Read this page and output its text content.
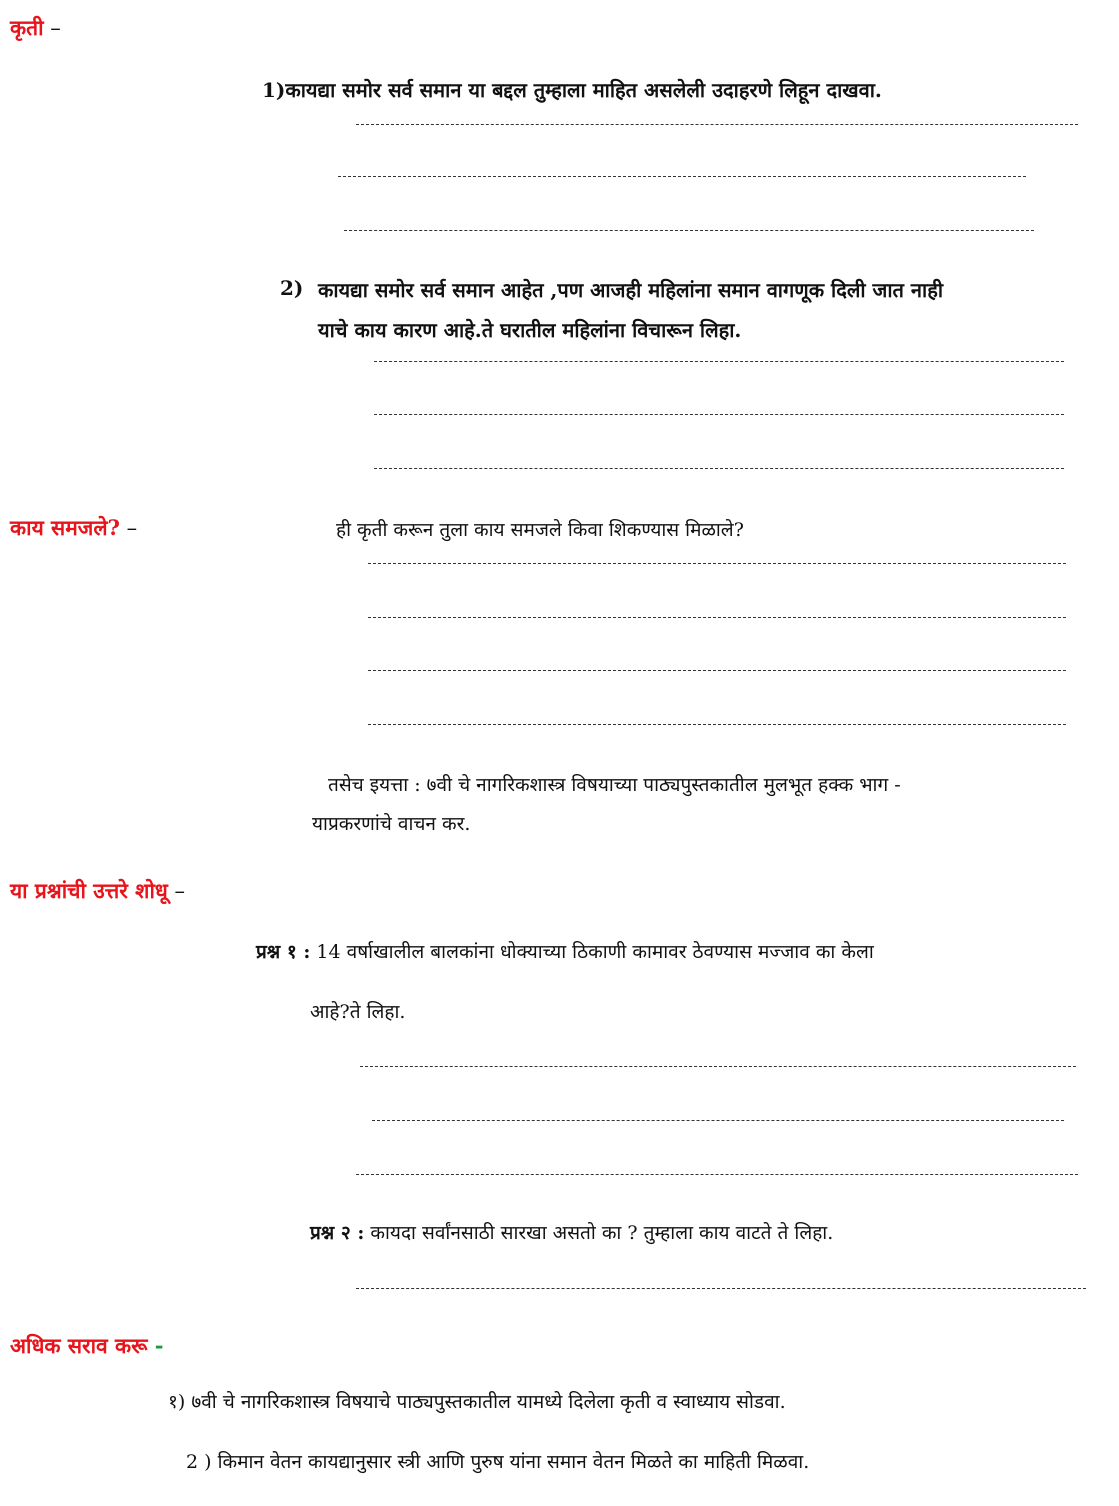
कृती –
1)कायद्या समोर सर्व समान या बद्दल तुम्हाला माहित असलेली उदाहरणे लिहून दाखवा.
2) कायद्या समोर सर्व समान आहेत ,पण आजही महिलांना समान वागणूक दिली जात नाही
याचे काय कारण आहे.ते घरातील महिलांना विचारून लिहा.
काय समजले? –	ही कृती करून तुला काय समजले किवा शिकण्यास मिळाले?
तसेच इयत्ता : ७वी चे नागरिकशास्त्र विषयाच्या पाठ्यपुस्तकातील मुलभूत हक्क भाग -
याप्रकरणांचे वाचन कर.
या प्रश्नांची उत्तरे शोधू –
प्रश्न १ : 14 वर्षाखालील बालकांना धोक्याच्या ठिकाणी कामावर ठेवण्यास मज्जाव का केला
आहे?ते लिहा.
प्रश्न २ : कायदा सर्वांनसाठी सारखा असतो का ? तुम्हाला काय वाटते ते लिहा.
अधिक सराव करू -
१) ७वी चे नागरिकशास्त्र विषयाचे पाठ्यपुस्तकातील यामध्ये दिलेला कृती व स्वाध्याय सोडवा.
2 ) किमान वेतन कायद्यानुसार स्त्री आणि पुरुष यांना समान वेतन मिळते का माहिती मिळवा.
